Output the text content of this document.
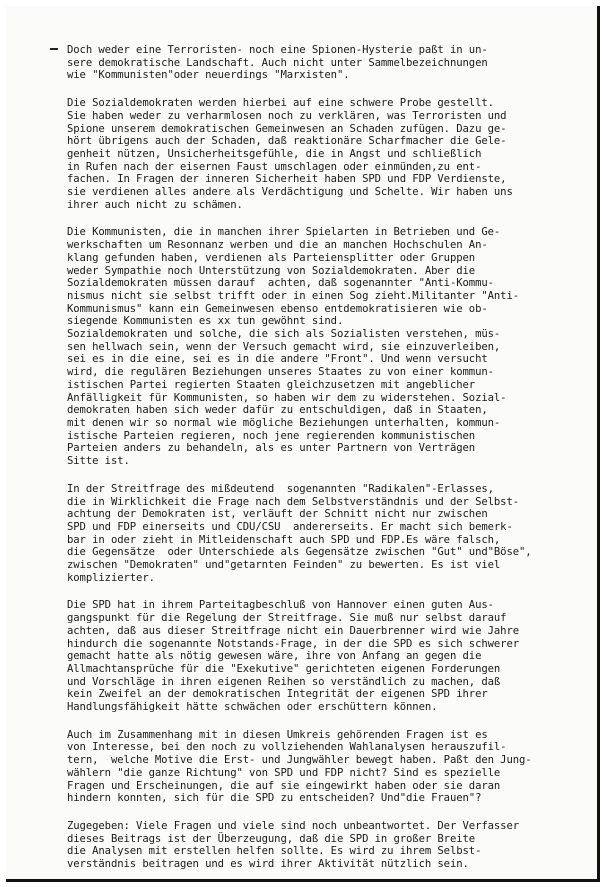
Doch weder eine Terroristen- noch eine Spionen-Hysterie paßt in un-
sere demokratische Landschaft. Auch nicht unter Sammelbezeichnungen
wie "Kommunisten"oder neuerdings "Marxisten".
Die Sozialdemokraten werden hierbei auf eine schwere Probe gestellt.
Sie haben weder zu verharmlosen noch zu verklären, was Terroristen und
Spione unserem demokratischen Gemeinwesen an Schaden zufügen. Dazu ge-
hört übrigens auch der Schaden, daß reaktionäre Scharfmacher die Gele-
genheit nützen, Unsicherheitsgefühle, die in Angst und schließlich
in Rufen nach der eisernen Faust umschlagen oder einmünden,zu ent-
fachen. In Fragen der inneren Sicherheit haben SPD und FDP Verdienste,
sie verdienen alles andere als Verdächtigung und Schelte. Wir haben uns
ihrer auch nicht zu schämen.
Die Kommunisten, die in manchen ihrer Spielarten in Betrieben und Ge-
werkschaften um Resonnanz werben und die an manchen Hochschulen An-
klang gefunden haben, verdienen als Parteiensplitter oder Gruppen
weder Sympathie noch Unterstützung von Sozialdemokraten. Aber die
Sozialdemokraten müssen darauf  achten, daß sogenannter "Anti-Kommu-
nismus nicht sie selbst trifft oder in einen Sog zieht.Militanter "Anti-
Kommunismus" kann ein Gemeinwesen ebenso entdemokratisieren wie ob-
siegende Kommunisten es xx tun gewöhnt sind.
Sozialdemokraten und solche, die sich als Sozialisten verstehen, müs-
sen hellwach sein, wenn der Versuch gemacht wird, sie einzuverleiben,
sei es in die eine, sei es in die andere "Front". Und wenn versucht
wird, die regulären Beziehungen unseres Staates zu von einer kommun-
istischen Partei regierten Staaten gleichzusetzen mit angeblicher
Anfälligkeit für Kommunisten, so haben wir dem zu widerstehen. Sozial-
demokraten haben sich weder dafür zu entschuldigen, daß in Staaten,
mit denen wir so normal wie mögliche Beziehungen unterhalten, kommun-
istische Parteien regieren, noch jene regierenden kommunistischen
Parteien anders zu behandeln, als es unter Partnern von Verträgen
Sitte ist.
In der Streitfrage des mißdeutend  sogenannten "Radikalen"-Erlasses,
die in Wirklichkeit die Frage nach dem Selbstverständnis und der Selbst-
achtung der Demokraten ist, verläuft der Schnitt nicht nur zwischen
SPD und FDP einerseits und CDU/CSU  andererseits. Er macht sich bemerk-
bar in oder zieht in Mitleidenschaft auch SPD und FDP.Es wäre falsch,
die Gegensätze  oder Unterschiede als Gegensätze zwischen "Gut" und"Böse",
zwischen "Demokraten" und"getarnten Feinden" zu bewerten. Es ist viel
komplizierter.
Die SPD hat in ihrem Parteitagbeschluß von Hannover einen guten Aus-
gangspunkt für die Regelung der Streitfrage. Sie muß nur selbst darauf
achten, daß aus dieser Streitfrage nicht ein Dauerbrenner wird wie Jahre
hindurch die sogenannte Notstands-Frage, in der die SPD es sich schwerer
gemacht hatte als nötig gewesen wäre, ihre von Anfang an gegen die
Allmachtansprüche für die "Exekutive" gerichteten eigenen Forderungen
und Vorschläge in ihren eigenen Reihen so verständlich zu machen, daß
kein Zweifel an der demokratischen Integrität der eigenen SPD ihrer
Handlungsfähigkeit hätte schwächen oder erschüttern können.
Auch im Zusammenhang mit in diesen Umkreis gehörenden Fragen ist es
von Interesse, bei den noch zu vollziehenden Wahlanalysen herauszufil-
tern,  welche Motive die Erst- und Jungwähler bewegt haben. Paßt den Jung-
wählern "die ganze Richtung" von SPD und FDP nicht? Sind es spezielle
Fragen und Erscheinungen, die auf sie eingewirkt haben oder sie daran
hindern konnten, sich für die SPD zu entscheiden? Und"die Frauen"?
Zugegeben: Viele Fragen und viele sind noch unbeantwortet. Der Verfasser
dieses Beitrags ist der Überzeugung, daß die SPD in großer Breite
die Analysen mit erstellen helfen sollte. Es wird zu ihrem Selbst-
verständnis beitragen und es wird ihrer Aktivität nützlich sein.
